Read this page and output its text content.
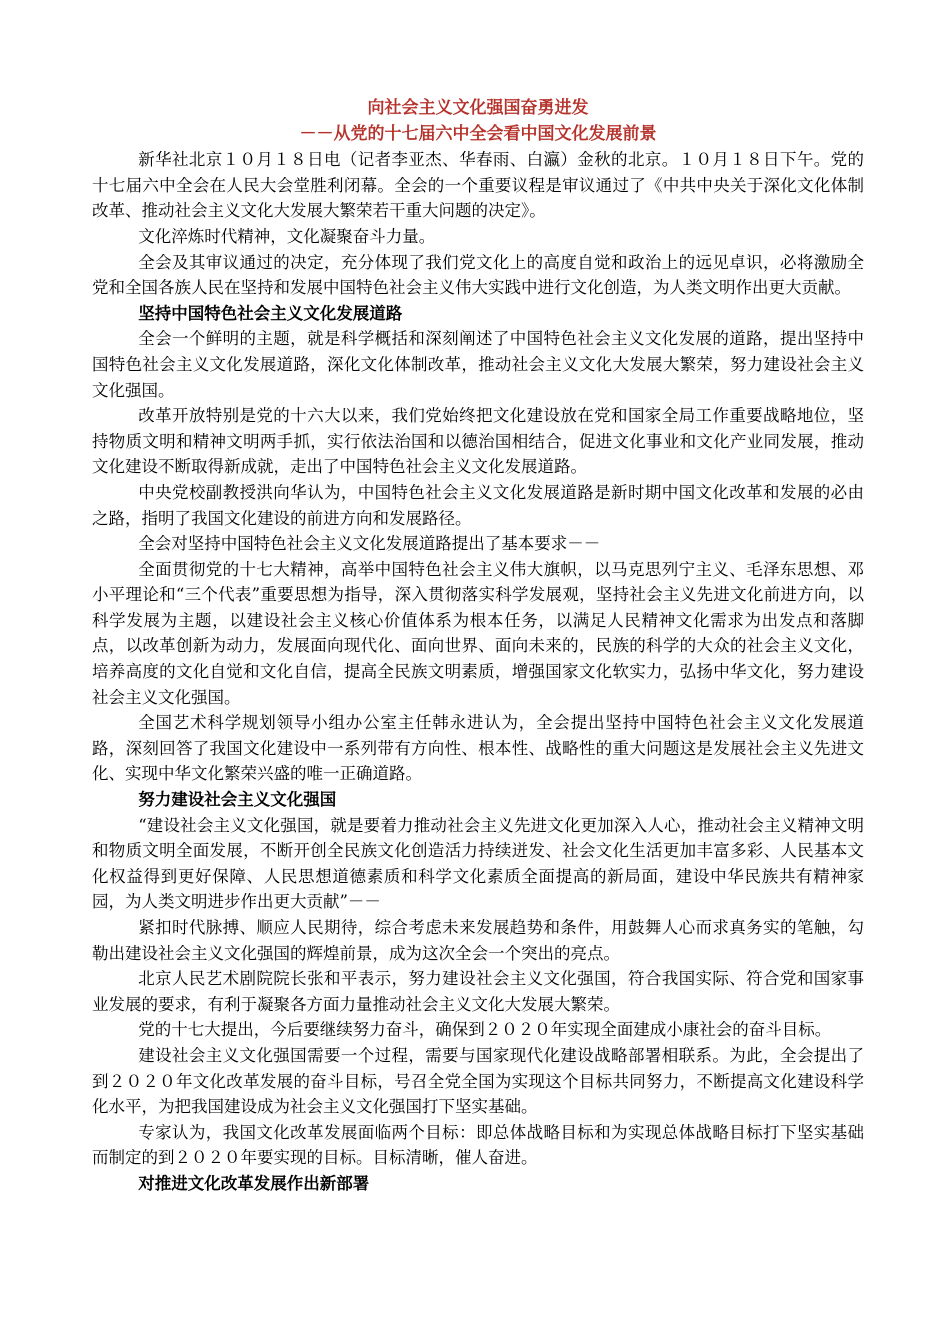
向社会主义文化强国奋勇进发
－－从党的十七届六中全会看中国文化发展前景

新华社北京１０月１８日电（记者李亚杰、华春雨、白瀛）金秋的北京。１０月１８日下午。党的十七届六中全会在人民大会堂胜利闭幕。全会的一个重要议程是审议通过了《中共中央关于深化文化体制改革、推动社会主义文化大发展大繁荣若干重大问题的决定》。

文化淬炼时代精神，文化凝聚奋斗力量。

全会及其审议通过的决定，充分体现了我们党文化上的高度自觉和政治上的远见卓识，必将激励全党和全国各族人民在坚持和发展中国特色社会主义伟大实践中进行文化创造，为人类文明作出更大贡献。

坚持中国特色社会主义文化发展道路

全会一个鲜明的主题，就是科学概括和深刻阐述了中国特色社会主义文化发展的道路，提出坚持中国特色社会主义文化发展道路，深化文化体制改革，推动社会主义文化大发展大繁荣，努力建设社会主义文化强国。

改革开放特别是党的十六大以来，我们党始终把文化建设放在党和国家全局工作重要战略地位，坚持物质文明和精神文明两手抓，实行依法治国和以德治国相结合，促进文化事业和文化产业同发展，推动文化建设不断取得新成就，走出了中国特色社会主义文化发展道路。

中央党校副教授洪向华认为，中国特色社会主义文化发展道路是新时期中国文化改革和发展的必由之路，指明了我国文化建设的前进方向和发展路径。

全会对坚持中国特色社会主义文化发展道路提出了基本要求－－

全面贯彻党的十七大精神，高举中国特色社会主义伟大旗帜，以马克思列宁主义、毛泽东思想、邓小平理论和“三个代表”重要思想为指导，深入贯彻落实科学发展观，坚持社会主义先进文化前进方向，以科学发展为主题，以建设社会主义核心价值体系为根本任务，以满足人民精神文化需求为出发点和落脚点，以改革创新为动力，发展面向现代化、面向世界、面向未来的，民族的科学的大众的社会主义文化，培养高度的文化自觉和文化自信，提高全民族文明素质，增强国家文化软实力，弘扬中华文化，努力建设社会主义文化强国。

全国艺术科学规划领导小组办公室主任韩永进认为，全会提出坚持中国特色社会主义文化发展道路，深刻回答了我国文化建设中一系列带有方向性、根本性、战略性的重大问题这是发展社会主义先进文化、实现中华文化繁荣兴盛的唯一正确道路。

努力建设社会主义文化强国

“建设社会主义文化强国，就是要着力推动社会主义先进文化更加深入人心，推动社会主义精神文明和物质文明全面发展，不断开创全民族文化创造活力持续迸发、社会文化生活更加丰富多彩、人民基本文化权益得到更好保障、人民思想道德素质和科学文化素质全面提高的新局面，建设中华民族共有精神家园，为人类文明进步作出更大贡献”－－

紧扣时代脉搏、顺应人民期待，综合考虑未来发展趋势和条件，用鼓舞人心而求真务实的笔触，勾勒出建设社会主义文化强国的辉煌前景，成为这次全会一个突出的亮点。

北京人民艺术剧院院长张和平表示，努力建设社会主义文化强国，符合我国实际、符合党和国家事业发展的要求，有利于凝聚各方面力量推动社会主义文化大发展大繁荣。

党的十七大提出，今后要继续努力奋斗，确保到２０２０年实现全面建成小康社会的奋斗目标。

建设社会主义文化强国需要一个过程，需要与国家现代化建设战略部署相联系。为此，全会提出了到２０２０年文化改革发展的奋斗目标，号召全党全国为实现这个目标共同努力，不断提高文化建设科学化水平，为把我国建设成为社会主义文化强国打下坚实基础。

专家认为，我国文化改革发展面临两个目标：即总体战略目标和为实现总体战略目标打下坚实基础而制定的到２０２０年要实现的目标。目标清晰，催人奋进。

对推进文化改革发展作出新部署
